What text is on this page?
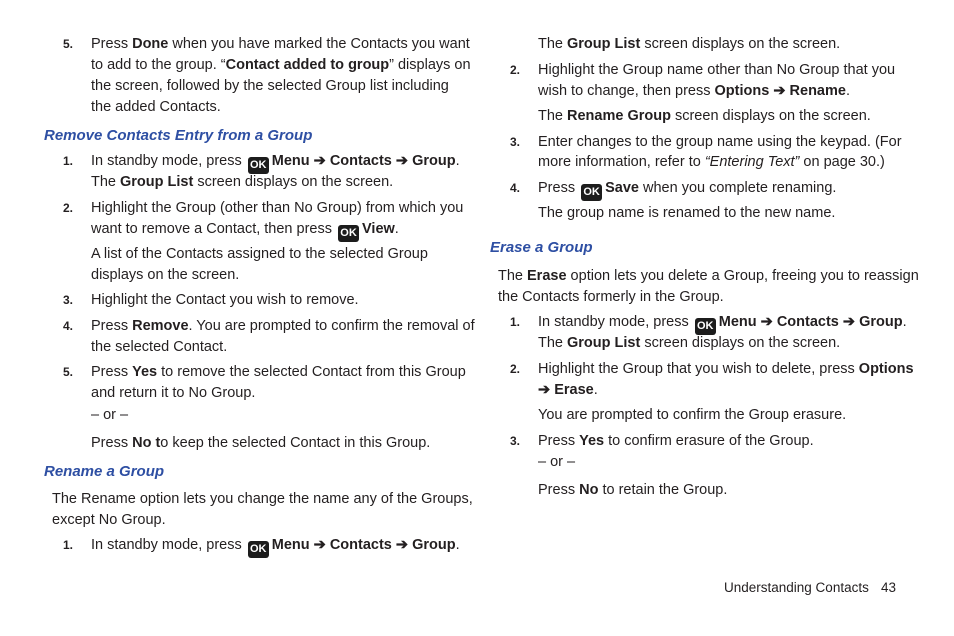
5. Press Done when you have marked the Contacts you want
to add to the group. “Contact added to group” displays on
the screen, followed by the selected Group list including
the added Contacts.
Remove Contacts Entry from a Group
1. In standby mode, press OK Menu ➔ Contacts ➔ Group.
The Group List screen displays on the screen.
2. Highlight the Group (other than No Group) from which you
want to remove a Contact, then press OK View.
A list of the Contacts assigned to the selected Group
displays on the screen.
3. Highlight the Contact you wish to remove.
4. Press Remove. You are prompted to confirm the removal of
the selected Contact.
5. Press Yes to remove the selected Contact from this Group
and return it to No Group.
– or –
Press No to keep the selected Contact in this Group.
Rename a Group
The Rename option lets you change the name any of the Groups,
except No Group.
1. In standby mode, press OK Menu ➔ Contacts ➔ Group.
The Group List screen displays on the screen.
2. Highlight the Group name other than No Group that you
wish to change, then press Options ➔ Rename.
The Rename Group screen displays on the screen.
3. Enter changes to the group name using the keypad. (For
more information, refer to “Entering Text” on page 30.)
4. Press OK Save when you complete renaming.
The group name is renamed to the new name.
Erase a Group
The Erase option lets you delete a Group, freeing you to reassign
the Contacts formerly in the Group.
1. In standby mode, press OK Menu ➔ Contacts ➔ Group.
The Group List screen displays on the screen.
2. Highlight the Group that you wish to delete, press Options
➔ Erase.
You are prompted to confirm the Group erasure.
3. Press Yes to confirm erasure of the Group.
– or –
Press No to retain the Group.
Understanding Contacts 43
